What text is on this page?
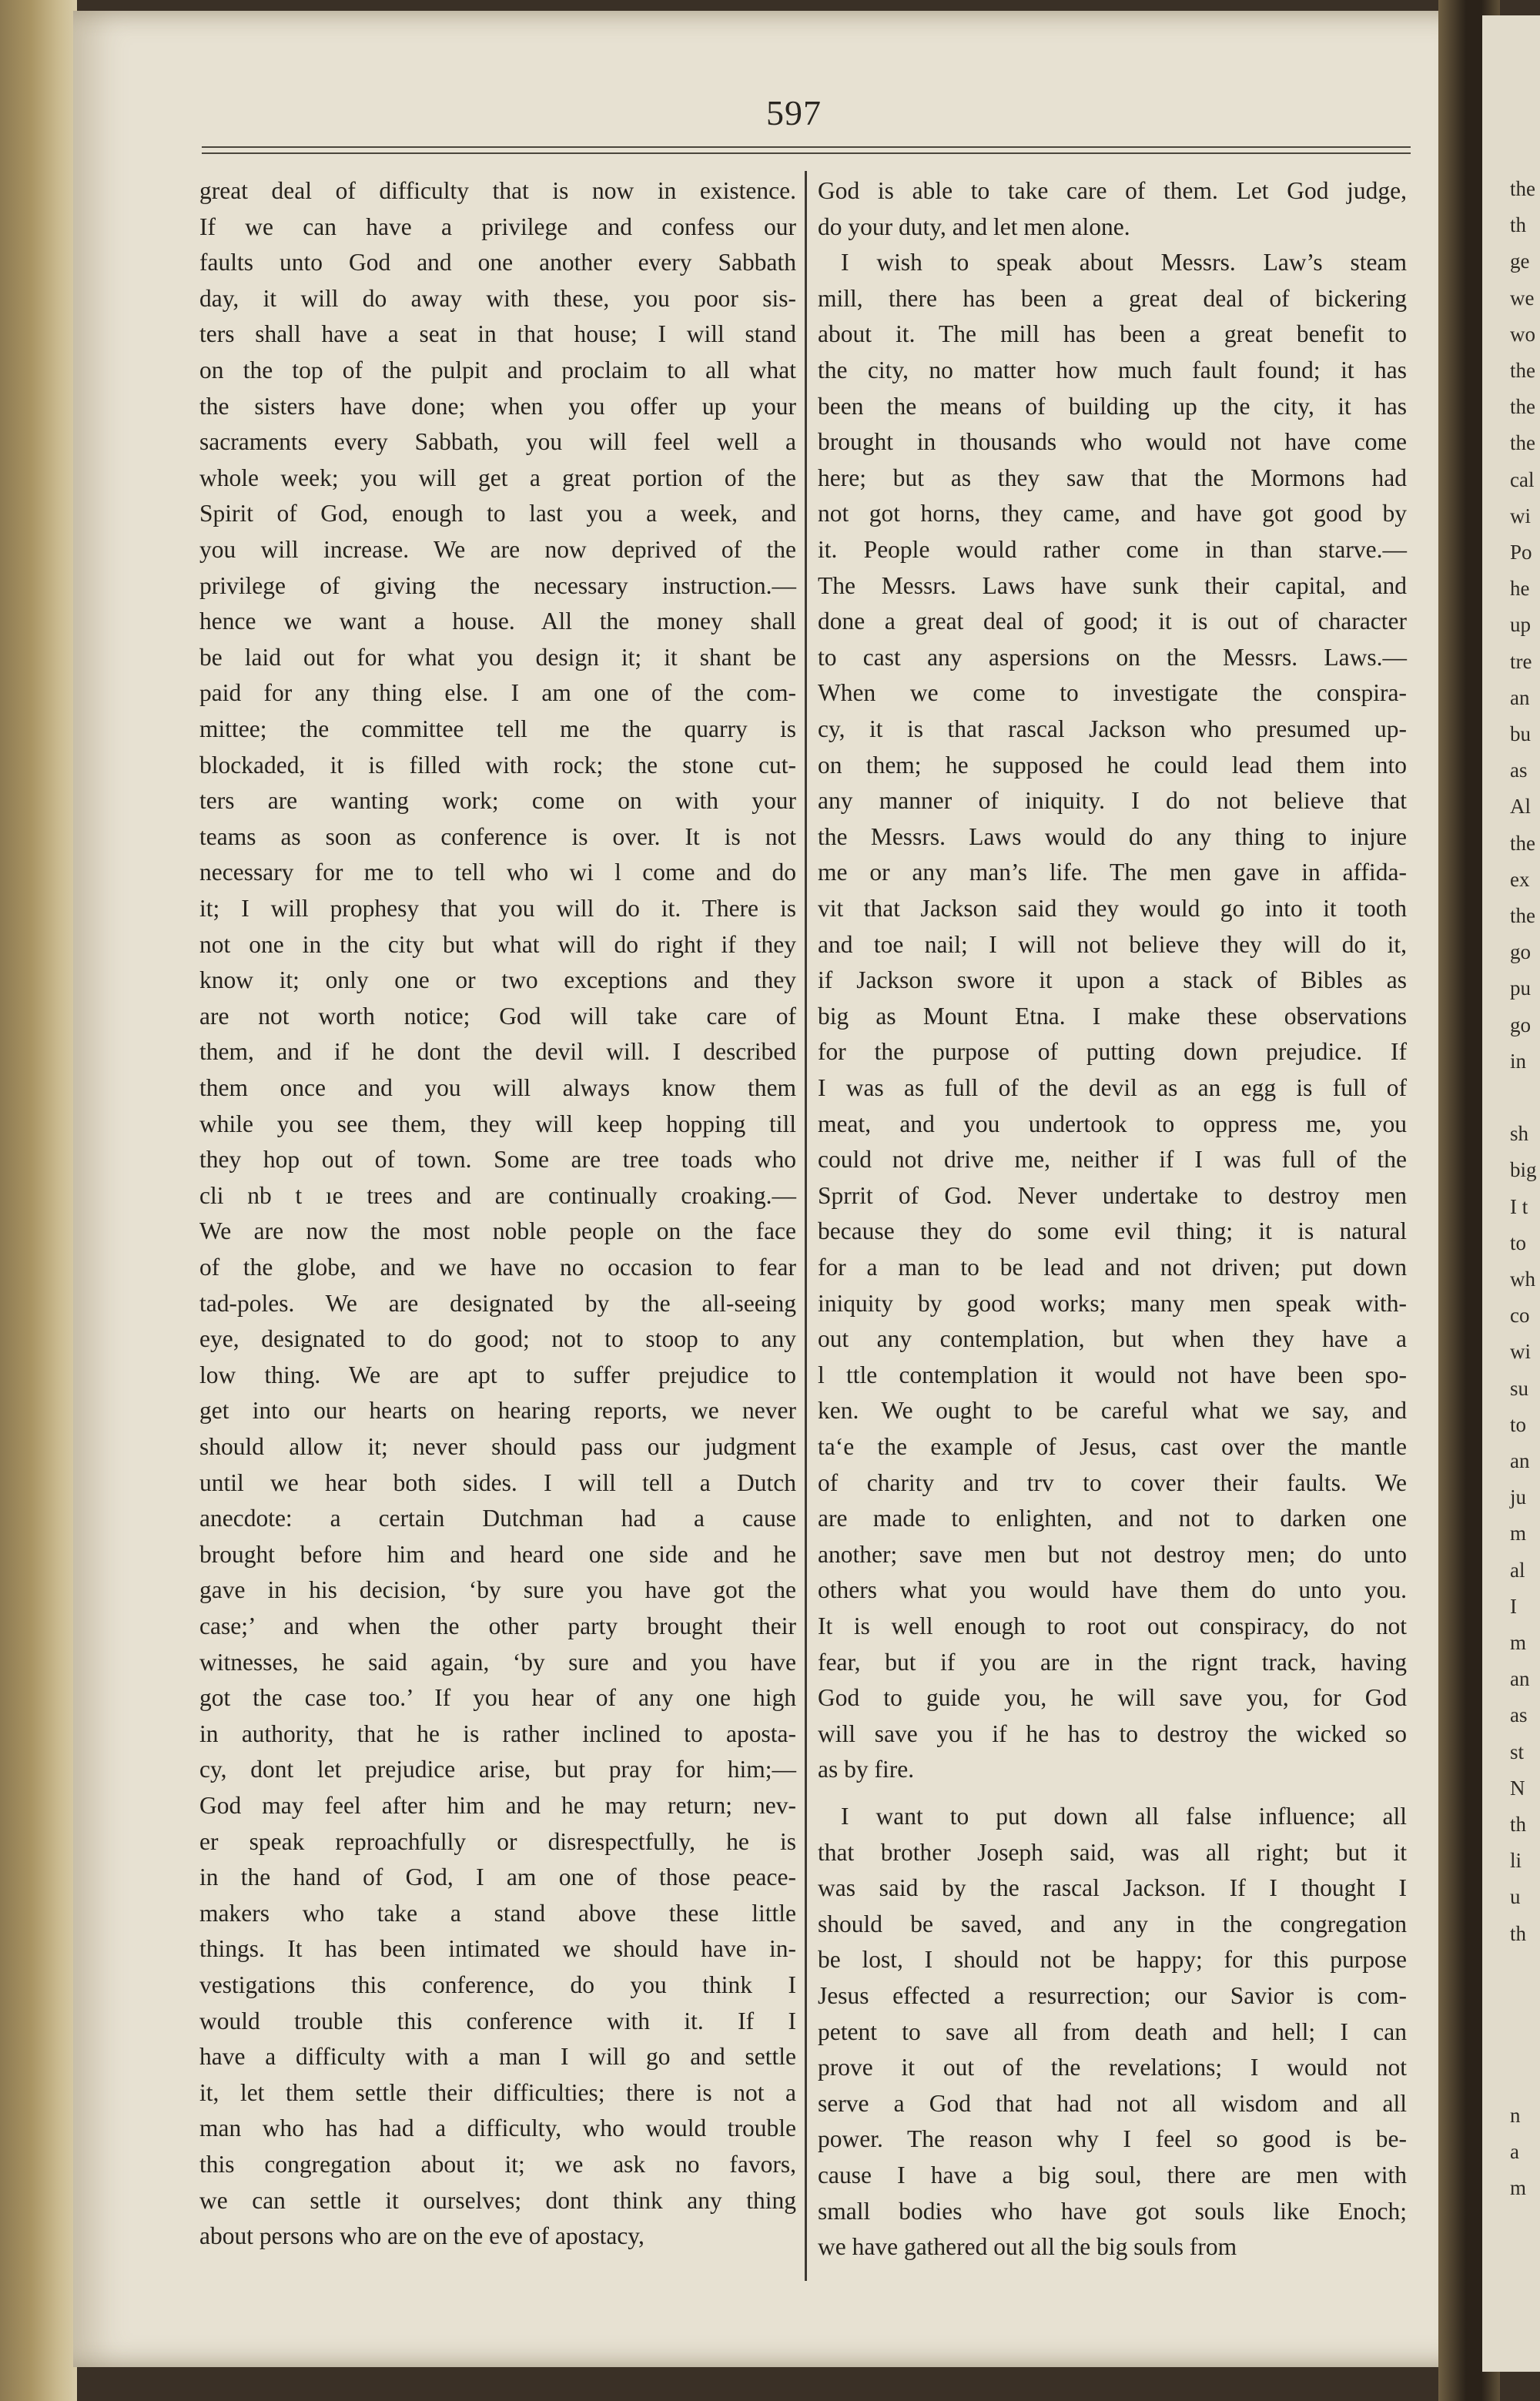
the
th
ge
we
wo
the
the
the
cal
wi
Po
he
up
tre
an
bu
as
Al
the
ex
the
go
pu
go
in
sh
big
I t
to
wh
co
wi
su
to
an
ju
m
al
I
m
an
as
st
N
th
li
u
th
n
a
m
597
great deal of difficulty that is now in existence.
If we can have a privilege and confess our
faults unto God and one another every Sabbath
day, it will do away with these, you poor sis-
ters shall have a seat in that house; I will stand
on the top of the pulpit and proclaim to all what
the sisters have done; when you offer up your
sacraments every Sabbath, you will feel well a
whole week; you will get a great portion of the
Spirit of God, enough to last you a week, and
you will increase. We are now deprived of the
privilege of giving the necessary instruction.—
hence we want a house. All the money shall
be laid out for what you design it; it shant be
paid for any thing else. I am one of the com-
mittee; the committee tell me the quarry is
blockaded, it is filled with rock; the stone cut-
ters are wanting work; come on with your
teams as soon as conference is over. It is not
necessary for me to tell who wi l come and do
it; I will prophesy that you will do it. There is
not one in the city but what will do right if they
know it; only one or two exceptions and they
are not worth notice; God will take care of
them, and if he dont the devil will. I described
them once and you will always know them
while you see them, they will keep hopping till
they hop out of town. Some are tree toads who
cli nb t ıe trees and are continually croaking.—
We are now the most noble people on the face
of the globe, and we have no occasion to fear
tad-poles. We are designated by the all-seeing
eye, designated to do good; not to stoop to any
low thing. We are apt to suffer prejudice to
get into our hearts on hearing reports, we never
should allow it; never should pass our judgment
until we hear both sides. I will tell a Dutch
anecdote: a certain Dutchman had a cause
brought before him and heard one side and he
gave in his decision, ‘by sure you have got the
case;’ and when the other party brought their
witnesses, he said again, ‘by sure and you have
got the case too.’ If you hear of any one high
in authority, that he is rather inclined to aposta-
cy, dont let prejudice arise, but pray for him;—
God may feel after him and he may return; nev-
er speak reproachfully or disrespectfully, he is
in the hand of God, I am one of those peace-
makers who take a stand above these little
things. It has been intimated we should have in-
vestigations this conference, do you think I
would trouble this conference with it. If I
have a difficulty with a man I will go and settle
it, let them settle their difficulties; there is not a
man who has had a difficulty, who would trouble
this congregation about it; we ask no favors,
we can settle it ourselves; dont think any thing
about persons who are on the eve of apostacy,
God is able to take care of them. Let God judge,
do your duty, and let men alone.
I wish to speak about Messrs. Law’s steam
mill, there has been a great deal of bickering
about it. The mill has been a great benefit to
the city, no matter how much fault found; it has
been the means of building up the city, it has
brought in thousands who would not have come
here; but as they saw that the Mormons had
not got horns, they came, and have got good by
it. People would rather come in than starve.—
The Messrs. Laws have sunk their capital, and
done a great deal of good; it is out of character
to cast any aspersions on the Messrs. Laws.—
When we come to investigate the conspira-
cy, it is that rascal Jackson who presumed up-
on them; he supposed he could lead them into
any manner of iniquity. I do not believe that
the Messrs. Laws would do any thing to injure
me or any man’s life. The men gave in affida-
vit that Jackson said they would go into it tooth
and toe nail; I will not believe they will do it,
if Jackson swore it upon a stack of Bibles as
big as Mount Etna. I make these observations
for the purpose of putting down prejudice. If
I was as full of the devil as an egg is full of
meat, and you undertook to oppress me, you
could not drive me, neither if I was full of the
Sprrit of God. Never undertake to destroy men
because they do some evil thing; it is natural
for a man to be lead and not driven; put down
iniquity by good works; many men speak with-
out any contemplation, but when they have a
l ttle contemplation it would not have been spo-
ken. We ought to be careful what we say, and
ta‘e the example of Jesus, cast over the mantle
of charity and trv to cover their faults. We
are made to enlighten, and not to darken one
another; save men but not destroy men; do unto
others what you would have them do unto you.
It is well enough to root out conspiracy, do not
fear, but if you are in the rignt track, having
God to guide you, he will save you, for God
will save you if he has to destroy the wicked so
as by fire.
I want to put down all false influence; all
that brother Joseph said, was all right; but it
was said by the rascal Jackson. If I thought I
should be saved, and any in the congregation
be lost, I should not be happy; for this purpose
Jesus effected a resurrection; our Savior is com-
petent to save all from death and hell; I can
prove it out of the revelations; I would not
serve a God that had not all wisdom and all
power. The reason why I feel so good is be-
cause I have a big soul, there are men with
small bodies who have got souls like Enoch;
we have gathered out all the big souls from
